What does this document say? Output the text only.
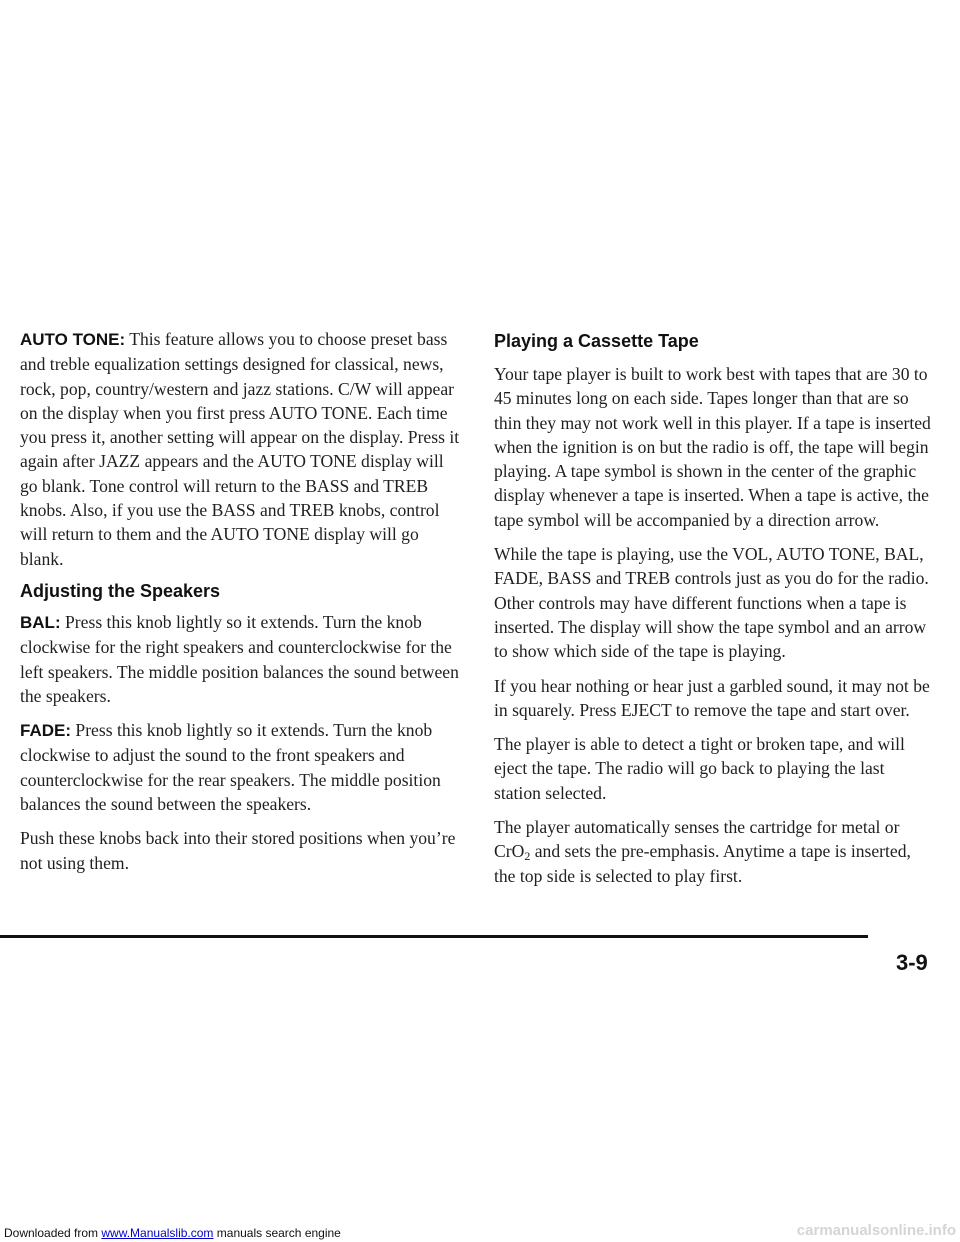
AUTO TONE: This feature allows you to choose preset bass and treble equalization settings designed for classical, news, rock, pop, country/western and jazz stations. C/W will appear on the display when you first press AUTO TONE. Each time you press it, another setting will appear on the display. Press it again after JAZZ appears and the AUTO TONE display will go blank. Tone control will return to the BASS and TREB knobs. Also, if you use the BASS and TREB knobs, control will return to them and the AUTO TONE display will go blank.

Adjusting the Speakers

BAL: Press this knob lightly so it extends. Turn the knob clockwise for the right speakers and counterclockwise for the left speakers. The middle position balances the sound between the speakers.

FADE: Press this knob lightly so it extends. Turn the knob clockwise to adjust the sound to the front speakers and counterclockwise for the rear speakers. The middle position balances the sound between the speakers.

Push these knobs back into their stored positions when you’re not using them.

Playing a Cassette Tape

Your tape player is built to work best with tapes that are 30 to 45 minutes long on each side. Tapes longer than that are so thin they may not work well in this player. If a tape is inserted when the ignition is on but the radio is off, the tape will begin playing. A tape symbol is shown in the center of the graphic display whenever a tape is inserted. When a tape is active, the tape symbol will be accompanied by a direction arrow.

While the tape is playing, use the VOL, AUTO TONE, BAL, FADE, BASS and TREB controls just as you do for the radio. Other controls may have different functions when a tape is inserted. The display will show the tape symbol and an arrow to show which side of the tape is playing.

If you hear nothing or hear just a garbled sound, it may not be in squarely. Press EJECT to remove the tape and start over.

The player is able to detect a tight or broken tape, and will eject the tape. The radio will go back to playing the last station selected.

The player automatically senses the cartridge for metal or CrO$_2$ and sets the pre-emphasis. Anytime a tape is inserted, the top side is selected to play first.

3-9
Downloaded from www.Manualslib.com manuals search engine	carmanualsonline.info
